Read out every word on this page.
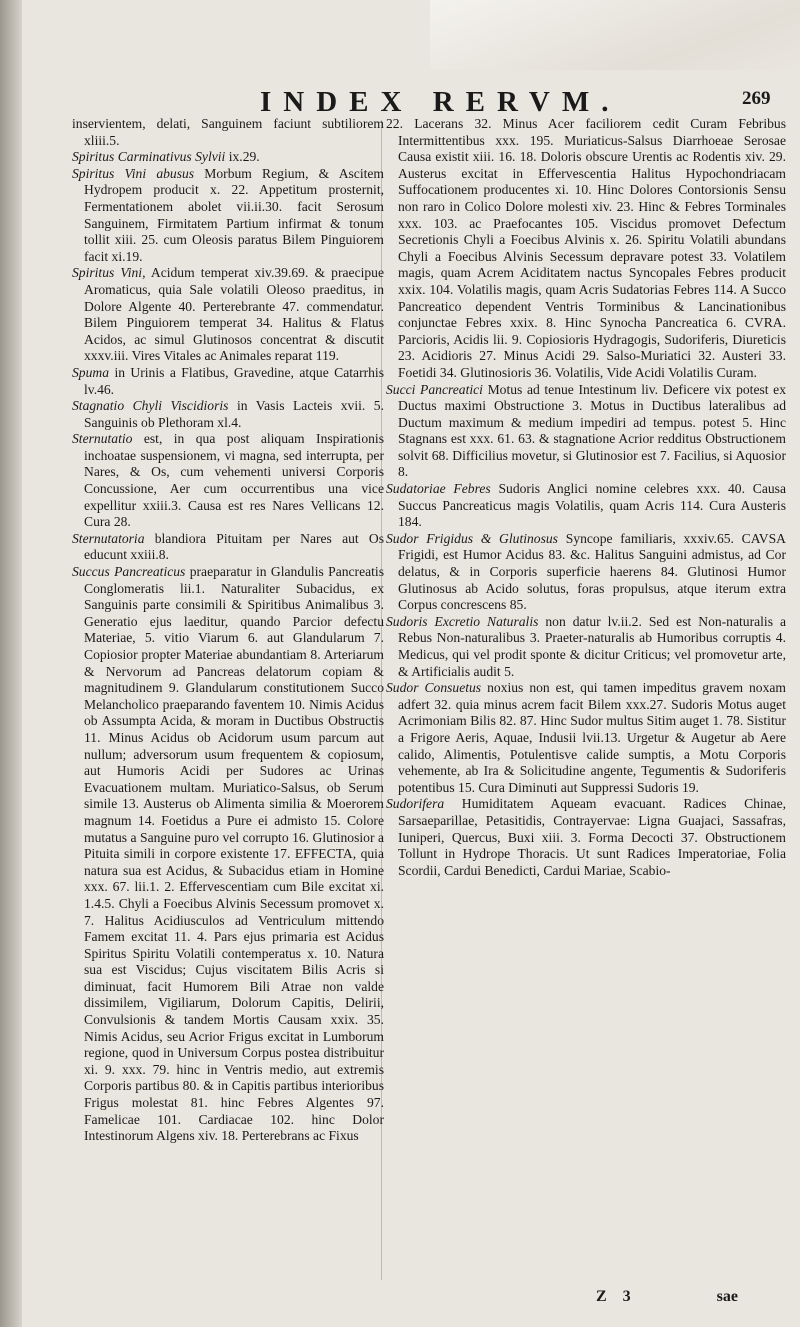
INDEX RERVM.	269

inservientem, delati, Sanguinem faciunt subtiliorem xliii.5.

Spiritus Carminativus Sylvii ix.29.

Spiritus Vini abusus Morbum Regium, & Ascitem Hydropem producit x. 22. Appetitum prosternit, Fermentationem abolet vii.ii.30. facit Serosum Sanguinem, Firmitatem Partium infirmat & tonum tollit xiii. 25. cum Oleosis paratus Bilem Pinguiorem facit xi.19.

Spiritus Vini, Acidum temperat xiv.39.69. & praecipue Aromaticus, quia Sale volatili Oleoso praeditus, in Dolore Algente 40. Perterebrante 47. commendatur. Bilem Pinguiorem temperat 34. Halitus & Flatus Acidos, ac simul Glutinosos concentrat & discutit xxxv.iii. Vires Vitales ac Animales reparat 119.

Spuma in Urinis a Flatibus, Gravedine, atque Catarrhis lv.46.

Stagnatio Chyli Viscidioris in Vasis Lacteis xvii. 5. Sanguinis ob Plethoram xl.4.

Sternutatio est, in qua post aliquam Inspirationis inchoatae suspensionem, vi magna, sed interrupta, per Nares, & Os, cum vehementi universi Corporis Concussione, Aer cum occurrentibus una vice expellitur xxiii.3. Causa est res Nares Vellicans 12. Cura 28.

Sternutatoria blandiora Pituitam per Nares aut Os educunt xxiii.8.

Succus Pancreaticus praeparatur in Glandulis Pancreatis Conglomeratis lii.1. Naturaliter Subacidus, ex Sanguinis parte consimili & Spiritibus Animalibus 3. Generatio ejus laeditur, quando Parcior defectu Materiae, 5. vitio Viarum 6. aut Glandularum 7. Copiosior propter Materiae abundantiam 8. Arteriarum & Nervorum ad Pancreas delatorum copiam & magnitudinem 9. Glandularum constitutionem Succo Melancholico praeparando faventem 10. Nimis Acidus ob Assumpta Acida, & moram in Ductibus Obstructis 11. Minus Acidus ob Acidorum usum parcum aut nullum; adversorum usum frequentem & copiosum, aut Humoris Acidi per Sudores ac Urinas Evacuationem multam. Muriatico-Salsus, ob Serum simile 13. Austerus ob Alimenta similia & Moerorem magnum 14. Foetidus a Pure ei admisto 15. Colore mutatus a Sanguine puro vel corrupto 16. Glutinosior a Pituita simili in corpore existente 17. EFFECTA, quia natura sua est Acidus, & Subacidus etiam in Homine xxx. 67. lii.1. 2. Effervescentiam cum Bile excitat xi. 1.4.5. Chyli a Foecibus Alvinis Secessum promovet x. 7. Halitus Acidiusculos ad Ventriculum mittendo Famem excitat 11. 4. Pars ejus primaria est Acidus Spiritus Spiritu Volatili contemperatus x. 10. Natura sua est Viscidus; Cujus viscitatem Bilis Acris si diminuat, facit Humorem Bili Atrae non valde dissimilem, Vigiliarum, Dolorum Capitis, Delirii, Convulsionis & tandem Mortis Causam xxix. 35. Nimis Acidus, seu Acrior Frigus excitat in Lumborum regione, quod in Universum Corpus postea distribuitur xi. 9. xxx. 79. hinc in Ventris medio, aut extremis Corporis partibus 80. & in Capitis partibus interioribus Frigus molestat 81. hinc Febres Algentes 97. Famelicae 101. Cardiacae 102. hinc Dolor Intestinorum Algens xiv. 18. Perterebrans ac Fixus

22. Lacerans 32. Minus Acer faciliorem cedit Curam Febribus Intermittentibus xxx. 195. Muriaticus-Salsus Diarrhoeae Serosae Causa existit xiii. 16. 18. Doloris obscure Urentis ac Rodentis xiv. 29. Austerus excitat in Effervescentia Halitus Hypochondriacam Suffocationem producentes xi. 10. Hinc Dolores Contorsionis Sensu non raro in Colico Dolore molesti xiv. 23. Hinc & Febres Torminales xxx. 103. ac Praefocantes 105. Viscidus promovet Defectum Secretionis Chyli a Foecibus Alvinis x. 26. Spiritu Volatili abundans Chyli a Foecibus Alvinis Secessum depravare potest 33. Volatilem magis, quam Acrem Aciditatem nactus Syncopales Febres producit xxix. 104. Volatilis magis, quam Acris Sudatorias Febres 114. A Succo Pancreatico dependent Ventris Torminibus & Lancinationibus conjunctae Febres xxix. 8. Hinc Synocha Pancreatica 6. CVRA. Parcioris, Acidis lii. 9. Copiosioris Hydragogis, Sudoriferis, Diureticis 23. Acidioris 27. Minus Acidi 29. Salso-Muriatici 32. Austeri 33. Foetidi 34. Glutinosioris 36. Volatilis, Vide Acidi Volatilis Curam.

Succi Pancreatici Motus ad tenue Intestinum liv. Deficere vix potest ex Ductus maximi Obstructione 3. Motus in Ductibus lateralibus ad Ductum maximum & medium impediri ad tempus. potest 5. Hinc Stagnans est xxx. 61. 63. & stagnatione Acrior redditus Obstructionem solvit 68. Difficilius movetur, si Glutinosior est 7. Facilius, si Aquosior 8.

Sudatoriae Febres Sudoris Anglici nomine celebres xxx. 40. Causa Succus Pancreaticus magis Volatilis, quam Acris 114. Cura Austeris 184.

Sudor Frigidus & Glutinosus Syncope familiaris, xxxiv.65. CAVSA Frigidi, est Humor Acidus 83. &c. Halitus Sanguini admistus, ad Cor delatus, & in Corporis superficie haerens 84. Glutinosi Humor Glutinosus ab Acido solutus, foras propulsus, atque iterum extra Corpus concrescens 85.

Sudoris Excretio Naturalis non datur lv.ii.2. Sed est Non-naturalis a Rebus Non-naturalibus 3. Praeter-naturalis ab Humoribus corruptis 4. Medicus, qui vel prodit sponte & dicitur Criticus; vel promovetur arte, & Artificialis audit 5.

Sudor Consuetus noxius non est, qui tamen impeditus gravem noxam adfert 32. quia minus acrem facit Bilem xxx.27. Sudoris Motus auget Acrimoniam Bilis 82. 87. Hinc Sudor multus Sitim auget 1. 78. Sistitur a Frigore Aeris, Aquae, Indusii lvii.13. Urgetur & Augetur ab Aere calido, Alimentis, Potulentisve calide sumptis, a Motu Corporis vehemente, ab Ira & Solicitudine angente, Tegumentis & Sudoriferis potentibus 15. Cura Diminuti aut Suppressi Sudoris 19.

Sudorifera Humiditatem Aqueam evacuant. Radices Chinae, Sarsaeparillae, Petasitidis, Contrayervae: Ligna Guajaci, Sassafras, Iuniperi, Quercus, Buxi xiii. 3. Forma Decocti 37. Obstructionem Tollunt in Hydrope Thoracis. Ut sunt Radices Imperatoriae, Folia Scordii, Cardui Benedicti, Cardui Mariae, Scabio-

Z 3	sae
